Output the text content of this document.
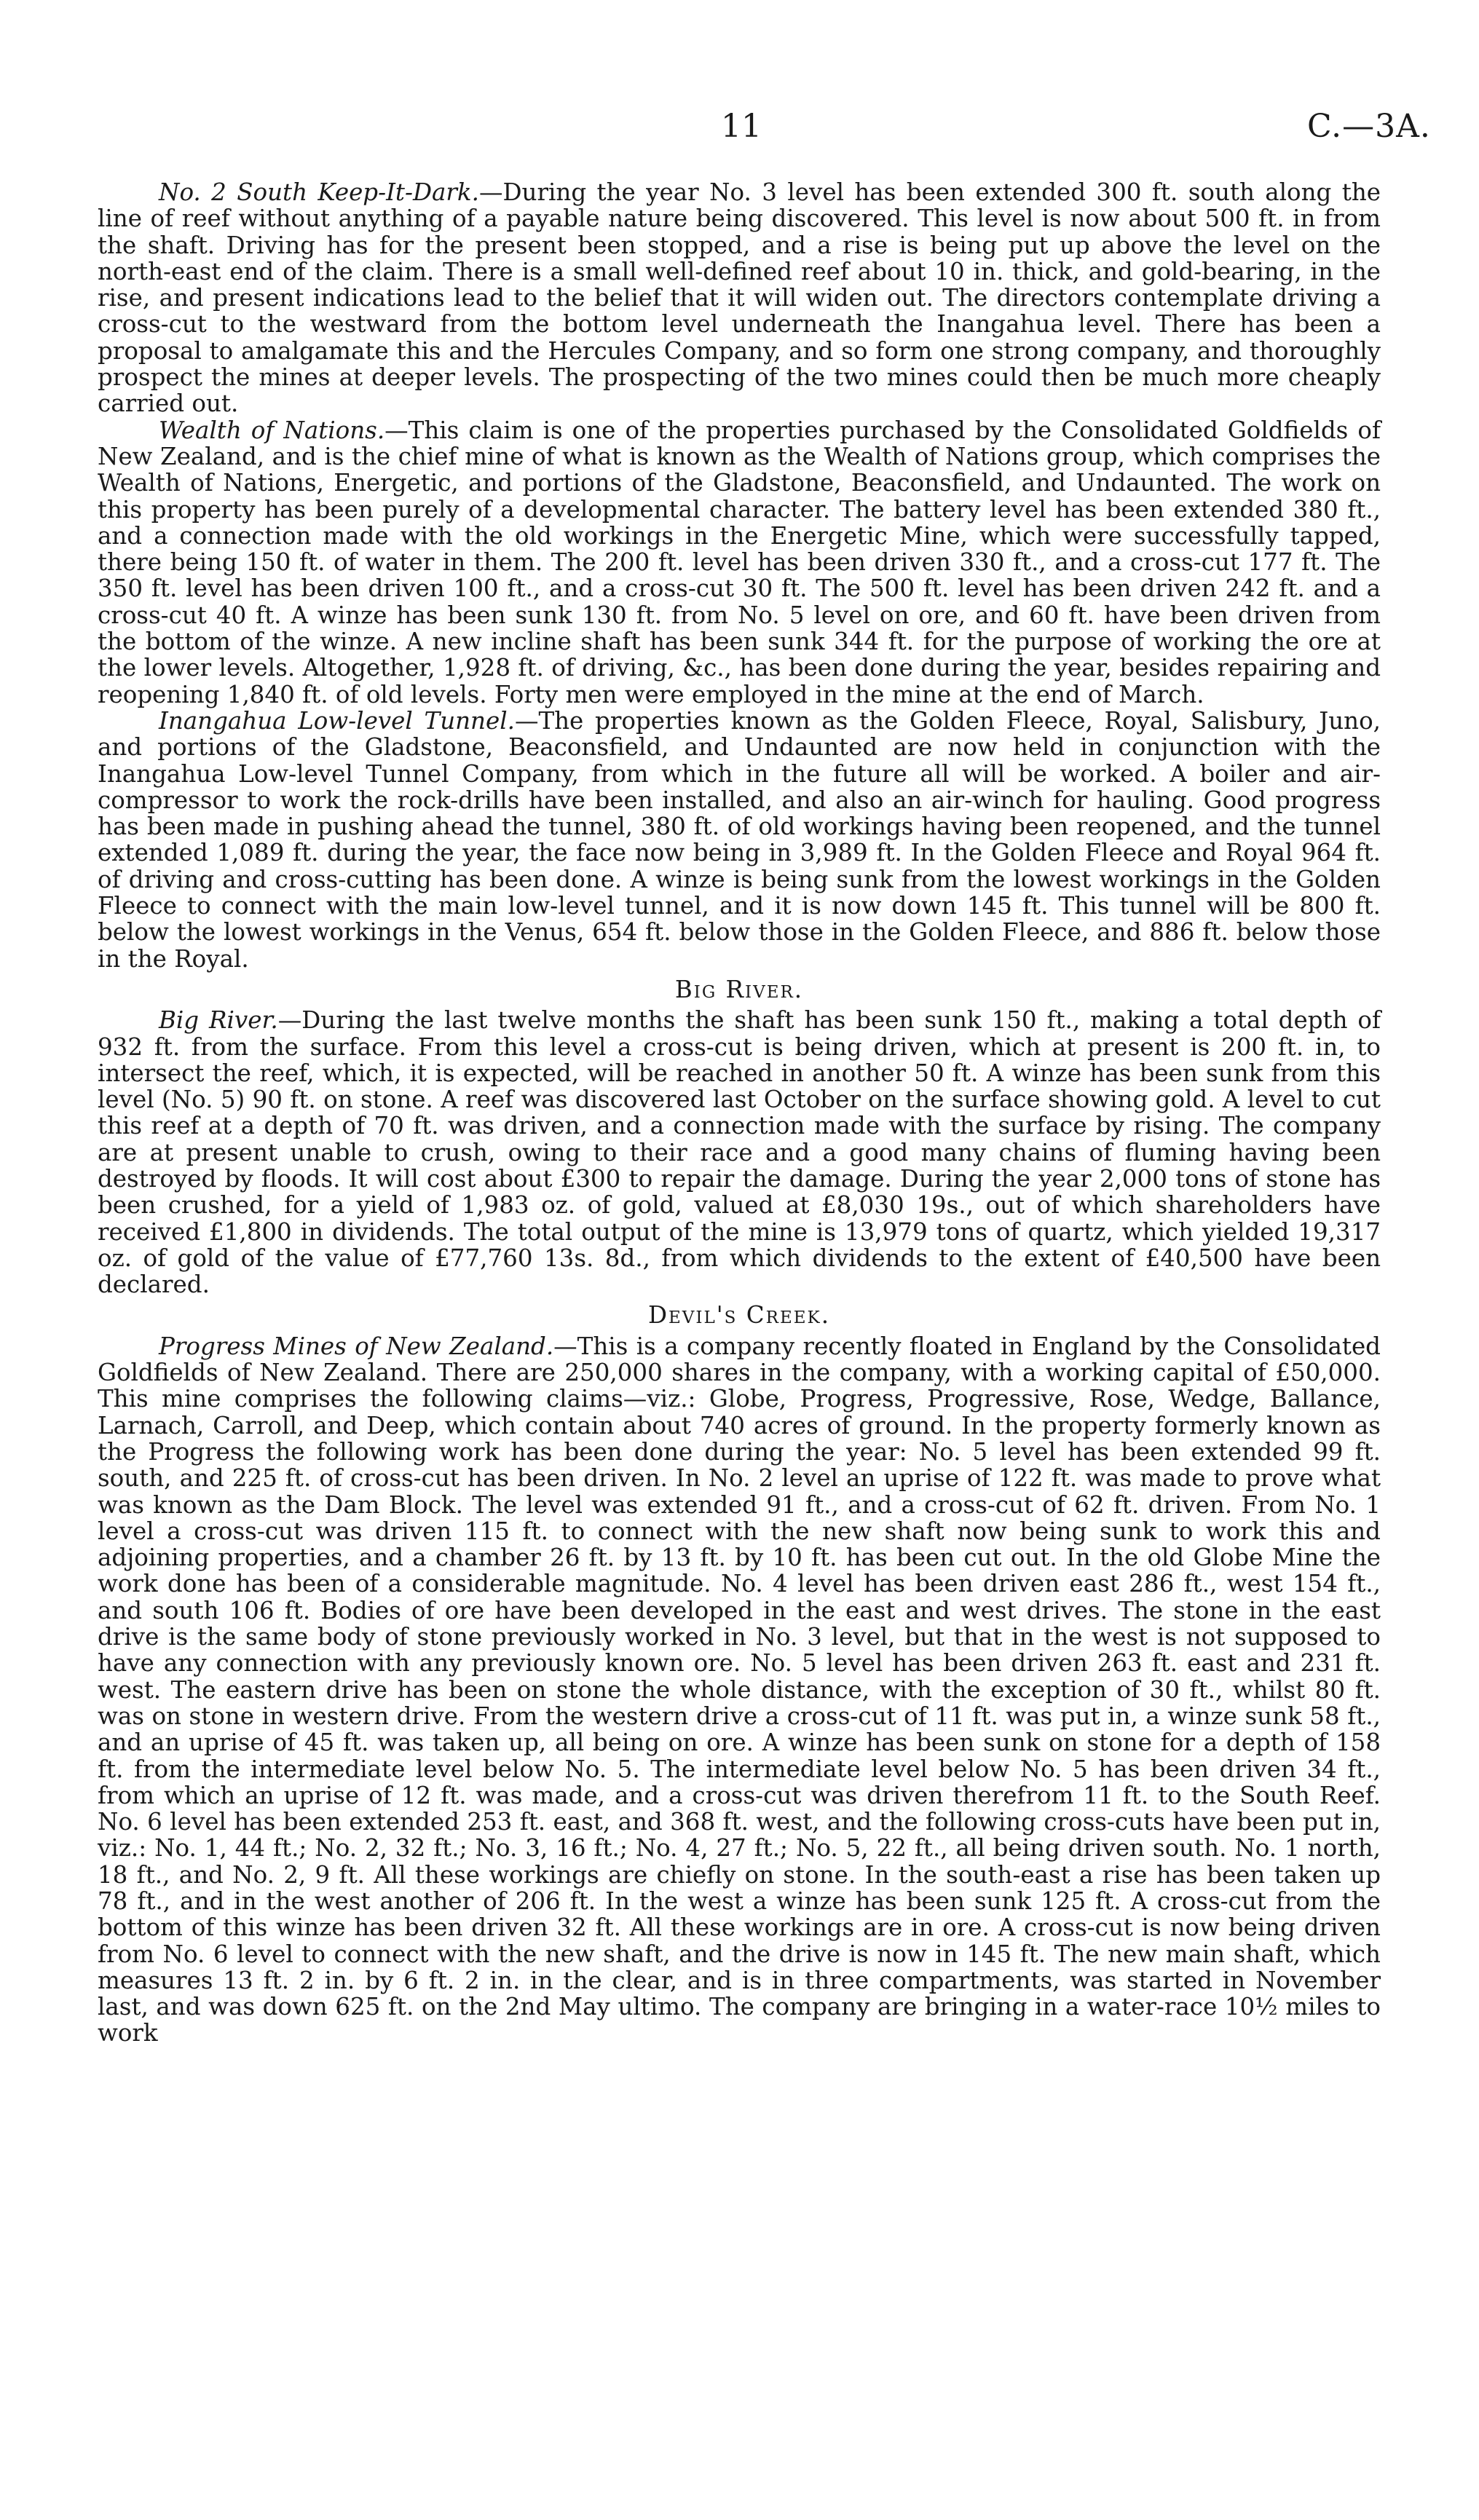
11	C.—3A.

No. 2 South Keep-It-Dark.—During the year No. 3 level has been extended 300 ft. south along the line of reef without anything of a payable nature being discovered. This level is now about 500 ft. in from the shaft. Driving has for the present been stopped, and a rise is being put up above the level on the north-east end of the claim. There is a small well-defined reef about 10 in. thick, and gold-bearing, in the rise, and present indications lead to the belief that it will widen out. The directors contemplate driving a cross-cut to the westward from the bottom level underneath the Inangahua level. There has been a proposal to amalgamate this and the Hercules Company, and so form one strong company, and thoroughly prospect the mines at deeper levels. The prospecting of the two mines could then be much more cheaply carried out.

Wealth of Nations.—This claim is one of the properties purchased by the Consolidated Goldfields of New Zealand, and is the chief mine of what is known as the Wealth of Nations group, which comprises the Wealth of Nations, Energetic, and portions of the Gladstone, Beaconsfield, and Undaunted. The work on this property has been purely of a developmental character. The battery level has been extended 380 ft., and a connection made with the old workings in the Energetic Mine, which were successfully tapped, there being 150 ft. of water in them. The 200 ft. level has been driven 330 ft., and a cross-cut 177 ft. The 350 ft. level has been driven 100 ft., and a cross-cut 30 ft. The 500 ft. level has been driven 242 ft. and a cross-cut 40 ft. A winze has been sunk 130 ft. from No. 5 level on ore, and 60 ft. have been driven from the bottom of the winze. A new incline shaft has been sunk 344 ft. for the purpose of working the ore at the lower levels. Altogether, 1,928 ft. of driving, &c., has been done during the year, besides repairing and reopening 1,840 ft. of old levels. Forty men were employed in the mine at the end of March.

Inangahua Low-level Tunnel.—The properties known as the Golden Fleece, Royal, Salisbury, Juno, and portions of the Gladstone, Beaconsfield, and Undaunted are now held in conjunction with the Inangahua Low-level Tunnel Company, from which in the future all will be worked. A boiler and air-compressor to work the rock-drills have been installed, and also an air-winch for hauling. Good progress has been made in pushing ahead the tunnel, 380 ft. of old workings having been reopened, and the tunnel extended 1,089 ft. during the year, the face now being in 3,989 ft. In the Golden Fleece and Royal 964 ft. of driving and cross-cutting has been done. A winze is being sunk from the lowest workings in the Golden Fleece to connect with the main low-level tunnel, and it is now down 145 ft. This tunnel will be 800 ft. below the lowest workings in the Venus, 654 ft. below those in the Golden Fleece, and 886 ft. below those in the Royal.

Big River.

Big River.—During the last twelve months the shaft has been sunk 150 ft., making a total depth of 932 ft. from the surface. From this level a cross-cut is being driven, which at present is 200 ft. in, to intersect the reef, which, it is expected, will be reached in another 50 ft. A winze has been sunk from this level (No. 5) 90 ft. on stone. A reef was discovered last October on the surface showing gold. A level to cut this reef at a depth of 70 ft. was driven, and a connection made with the surface by rising. The company are at present unable to crush, owing to their race and a good many chains of fluming having been destroyed by floods. It will cost about £300 to repair the damage. During the year 2,000 tons of stone has been crushed, for a yield of 1,983 oz. of gold, valued at £8,030 19s., out of which shareholders have received £1,800 in dividends. The total output of the mine is 13,979 tons of quartz, which yielded 19,317 oz. of gold of the value of £77,760 13s. 8d., from which dividends to the extent of £40,500 have been declared.

Devil's Creek.

Progress Mines of New Zealand.—This is a company recently floated in England by the Consolidated Goldfields of New Zealand. There are 250,000 shares in the company, with a working capital of £50,000. This mine comprises the following claims—viz.: Globe, Progress, Progressive, Rose, Wedge, Ballance, Larnach, Carroll, and Deep, which contain about 740 acres of ground. In the property formerly known as the Progress the following work has been done during the year: No. 5 level has been extended 99 ft. south, and 225 ft. of cross-cut has been driven. In No. 2 level an uprise of 122 ft. was made to prove what was known as the Dam Block. The level was extended 91 ft., and a cross-cut of 62 ft. driven. From No. 1 level a cross-cut was driven 115 ft. to connect with the new shaft now being sunk to work this and adjoining properties, and a chamber 26 ft. by 13 ft. by 10 ft. has been cut out. In the old Globe Mine the work done has been of a considerable magnitude. No. 4 level has been driven east 286 ft., west 154 ft., and south 106 ft. Bodies of ore have been developed in the east and west drives. The stone in the east drive is the same body of stone previously worked in No. 3 level, but that in the west is not supposed to have any connection with any previously known ore. No. 5 level has been driven 263 ft. east and 231 ft. west. The eastern drive has been on stone the whole distance, with the exception of 30 ft., whilst 80 ft. was on stone in western drive. From the western drive a cross-cut of 11 ft. was put in, a winze sunk 58 ft., and an uprise of 45 ft. was taken up, all being on ore. A winze has been sunk on stone for a depth of 158 ft. from the intermediate level below No. 5. The intermediate level below No. 5 has been driven 34 ft., from which an uprise of 12 ft. was made, and a cross-cut was driven therefrom 11 ft. to the South Reef. No. 6 level has been extended 253 ft. east, and 368 ft. west, and the following cross-cuts have been put in, viz.: No. 1, 44 ft.; No. 2, 32 ft.; No. 3, 16 ft.; No. 4, 27 ft.; No. 5, 22 ft., all being driven south. No. 1 north, 18 ft., and No. 2, 9 ft. All these workings are chiefly on stone. In the south-east a rise has been taken up 78 ft., and in the west another of 206 ft. In the west a winze has been sunk 125 ft. A cross-cut from the bottom of this winze has been driven 32 ft. All these workings are in ore. A cross-cut is now being driven from No. 6 level to connect with the new shaft, and the drive is now in 145 ft. The new main shaft, which measures 13 ft. 2 in. by 6 ft. 2 in. in the clear, and is in three compartments, was started in November last, and was down 625 ft. on the 2nd May ultimo. The company are bringing in a water-race 10½ miles to work
